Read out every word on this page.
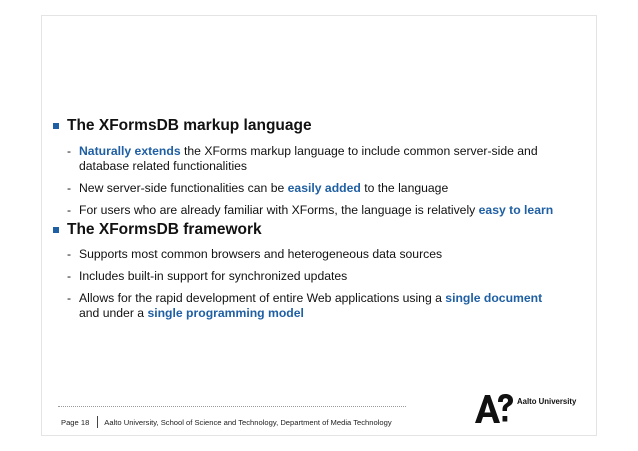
The XFormsDB markup language
- Naturally extends the XForms markup language to include common server-side and
database related functionalities
- New server-side functionalities can be easily added to the language
- For users who are already familiar with XForms, the language is relatively easy to learn
The XFormsDB framework
- Supports most common browsers and heterogeneous data sources
- Includes built-in support for synchronized updates
- Allows for the rapid development of entire Web applications using a single document
and under a single programming model
Page 18 Aalto University, School of Science and Technology, Department of Media Technology
Aalto University
